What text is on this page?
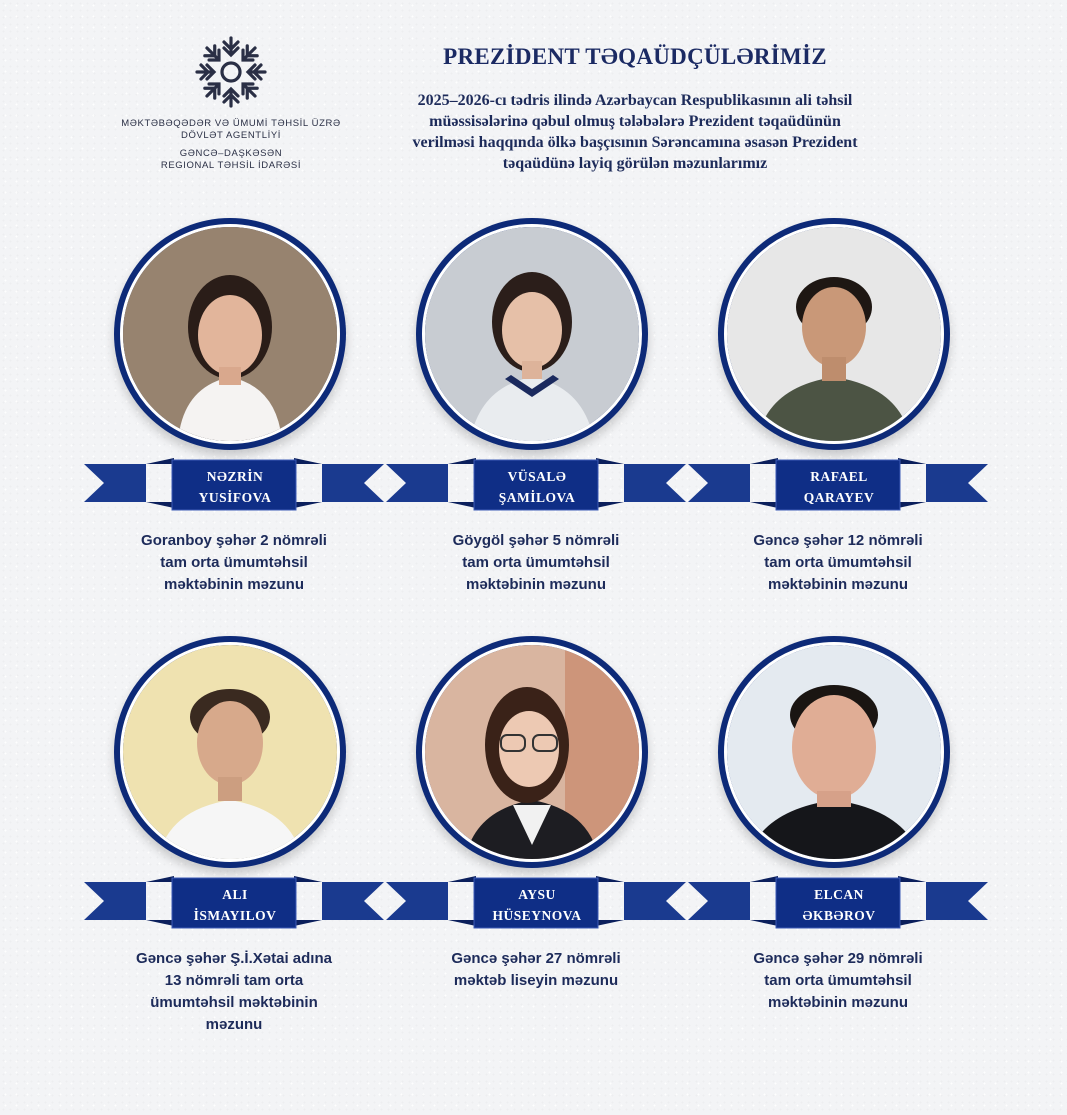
MƏKTƏBƏQƏDƏR VƏ ÜMUMİ TƏHSİL ÜZRƏ
DÖVLƏT AGENTLİYİ
GƏNCƏ–DAŞKƏSƏN
REGIONAL TƏHSİL İDARƏSİ
PREZİDENT TƏQAÜDÇÜLƏRİMİZ
2025–2026-cı tədris ilində Azərbaycan Respublikasının ali təhsil
müəssisələrinə qəbul olmuş tələbələrə Prezident təqaüdünün
verilməsi haqqında ölkə başçısının Sərəncamına əsasən Prezident
təqaüdünə layiq görülən məzunlarımız
NƏZRİN
YUSİFOVA
Goranboy şəhər 2 nömrəli
tam orta ümumtəhsil
məktəbinin məzunu
VÜSALƏ
ŞAMİLOVA
Göygöl şəhər 5 nömrəli
tam orta ümumtəhsil
məktəbinin məzunu
RAFAEL
QARAYEV
Gəncə şəhər 12 nömrəli
tam orta ümumtəhsil
məktəbinin məzunu
ALI
İSMAYILOV
Gəncə şəhər Ş.İ.Xətai adına
13 nömrəli tam orta
ümumtəhsil məktəbinin
məzunu
AYSU
HÜSEYNOVA
Gəncə şəhər 27 nömrəli
məktəb liseyin məzunu
ELCAN
ƏKBƏROV
Gəncə şəhər 29 nömrəli
tam orta ümumtəhsil
məktəbinin məzunu
